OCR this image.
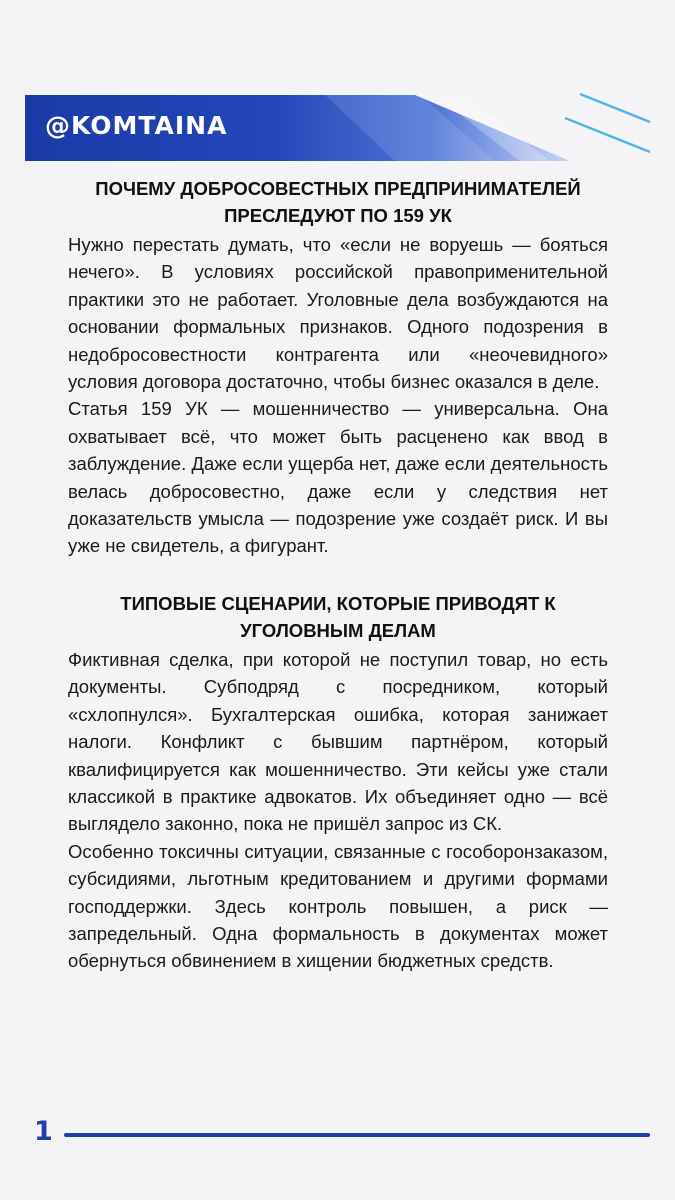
@KOMTAINA
ПОЧЕМУ ДОБРОСОВЕСТНЫХ ПРЕДПРИНИМАТЕЛЕЙ ПРЕСЛЕДУЮТ ПО 159 УК

Нужно перестать думать, что «если не воруешь — бояться нечего». В условиях российской правоприменительной практики это не работает. Уголовные дела возбуждаются на основании формальных признаков. Одного подозрения в недобросовестности контрагента или «неочевидного» условия договора достаточно, чтобы бизнес оказался в деле.

Статья 159 УК — мошенничество — универсальна. Она охватывает всё, что может быть расценено как ввод в заблуждение. Даже если ущерба нет, даже если деятельность велась добросовестно, даже если у следствия нет доказательств умысла — подозрение уже создаёт риск. И вы уже не свидетель, а фигурант.

ТИПОВЫЕ СЦЕНАРИИ, КОТОРЫЕ ПРИВОДЯТ К УГОЛОВНЫМ ДЕЛАМ

Фиктивная сделка, при которой не поступил товар, но есть документы. Субподряд с посредником, который «схлопнулся». Бухгалтерская ошибка, которая занижает налоги. Конфликт с бывшим партнёром, который квалифицируется как мошенничество. Эти кейсы уже стали классикой в практике адвокатов. Их объединяет одно — всё выглядело законно, пока не пришёл запрос из СК.

Особенно токсичны ситуации, связанные с гособоронзаказом, субсидиями, льготным кредитованием и другими формами господдержки. Здесь контроль повышен, а риск — запредельный. Одна формальность в документах может обернуться обвинением в хищении бюджетных средств.

1
